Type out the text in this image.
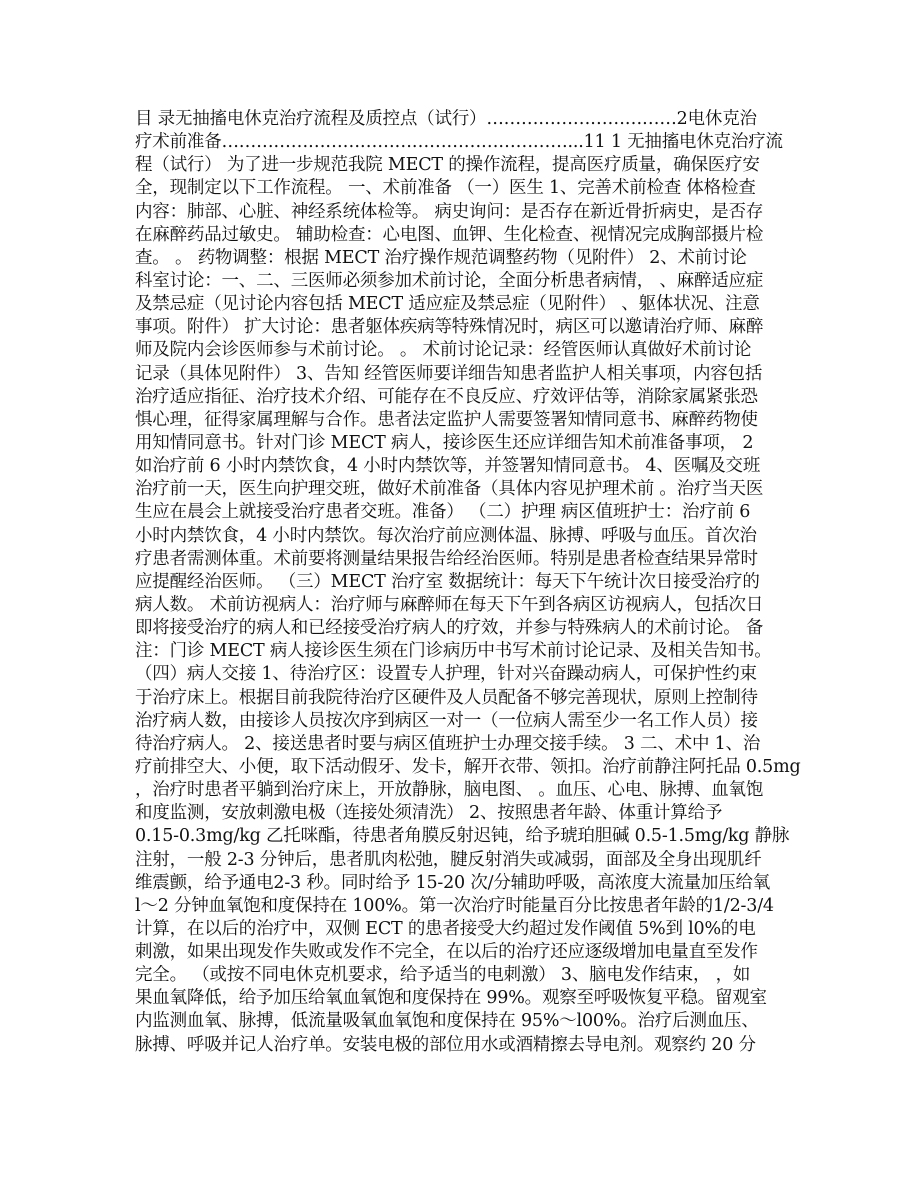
目 录无抽搐电休克治疗流程及质控点（试行）……………………………2电休克治
疗术前准备……………………………………………………...11 1 无抽搐电休克治疗流
程（试行） 为了进一步规范我院 MECT 的操作流程，提高医疗质量，确保医疗安
全，现制定以下工作流程。 一、术前准备 （一）医生 1、完善术前检查 体格检查
内容：肺部、心脏、神经系统体检等。 病史询问：是否存在新近骨折病史，是否存
在麻醉药品过敏史。 辅助检查：心电图、血钾、生化检查、视情况完成胸部摄片检
查。 。 药物调整：根据 MECT 治疗操作规范调整药物（见附件） 2、术前讨论
科室讨论：一、二、三医师必须参加术前讨论，全面分析患者病情， 、麻醉适应症
及禁忌症（见讨论内容包括 MECT 适应症及禁忌症（见附件） 、躯体状况、注意
事项。附件） 扩大讨论：患者躯体疾病等特殊情况时，病区可以邀请治疗师、麻醉
师及院内会诊医师参与术前讨论。 。 术前讨论记录：经管医师认真做好术前讨论
记录（具体见附件） 3、告知 经管医师要详细告知患者监护人相关事项，内容包括
治疗适应指征、治疗技术介绍、可能存在不良反应、疗效评估等，消除家属紧张恐
惧心理，征得家属理解与合作。患者法定监护人需要签署知情同意书、麻醉药物使
用知情同意书。针对门诊 MECT 病人，接诊医生还应详细告知术前准备事项， 2
如治疗前 6 小时内禁饮食，4 小时内禁饮等，并签署知情同意书。 4、医嘱及交班
治疗前一天，医生向护理交班，做好术前准备（具体内容见护理术前 。治疗当天医
生应在晨会上就接受治疗患者交班。准备） （二）护理 病区值班护士：治疗前 6
小时内禁饮食，4 小时内禁饮。每次治疗前应测体温、脉搏、呼吸与血压。首次治
疗患者需测体重。术前要将测量结果报告给经治医师。特别是患者检查结果异常时
应提醒经治医师。 （三）MECT 治疗室 数据统计：每天下午统计次日接受治疗的
病人数。 术前访视病人：治疗师与麻醉师在每天下午到各病区访视病人，包括次日
即将接受治疗的病人和已经接受治疗病人的疗效，并参与特殊病人的术前讨论。 备
注：门诊 MECT 病人接诊医生须在门诊病历中书写术前讨论记录、及相关告知书。
（四）病人交接 1、待治疗区：设置专人护理，针对兴奋躁动病人，可保护性约束
于治疗床上。根据目前我院待治疗区硬件及人员配备不够完善现状，原则上控制待
治疗病人数，由接诊人员按次序到病区一对一（一位病人需至少一名工作人员）接
待治疗病人。 2、接送患者时要与病区值班护士办理交接手续。 3 二、术中 1、治
疗前排空大、小便，取下活动假牙、发卡，解开衣带、领扣。治疗前静注阿托品 0.5mg
，治疗时患者平躺到治疗床上，开放静脉，脑电图、 。血压、心电、脉搏、血氧饱
和度监测，安放刺激电极（连接处须清洗） 2、按照患者年龄、体重计算给予
0.15-0.3mg/kg 乙托咪酯，待患者角膜反射迟钝，给予琥珀胆碱 0.5-1.5mg/kg 静脉
注射，一般 2-3 分钟后，患者肌肉松弛，腱反射消失或减弱，面部及全身出现肌纤
维震颤，给予通电2-3 秒。同时给予 15-20 次/分辅助呼吸，高浓度大流量加压给氧
l～2 分钟血氧饱和度保持在 100%。第一次治疗时能量百分比按患者年龄的1/2-3/4
计算，在以后的治疗中，双侧 ECT 的患者接受大约超过发作阈值 5%到 l0%的电
刺激，如果出现发作失败或发作不完全，在以后的治疗还应逐级增加电量直至发作
完全。 （或按不同电休克机要求，给予适当的电刺激） 3、脑电发作结束， ，如
果血氧降低，给予加压给氧血氧饱和度保持在 99%。观察至呼吸恢复平稳。留观室
内监测血氧、脉搏，低流量吸氧血氧饱和度保持在 95%～l00%。治疗后测血压、
脉搏、呼吸并记人治疗单。安装电极的部位用水或酒精擦去导电剂。观察约 20 分
